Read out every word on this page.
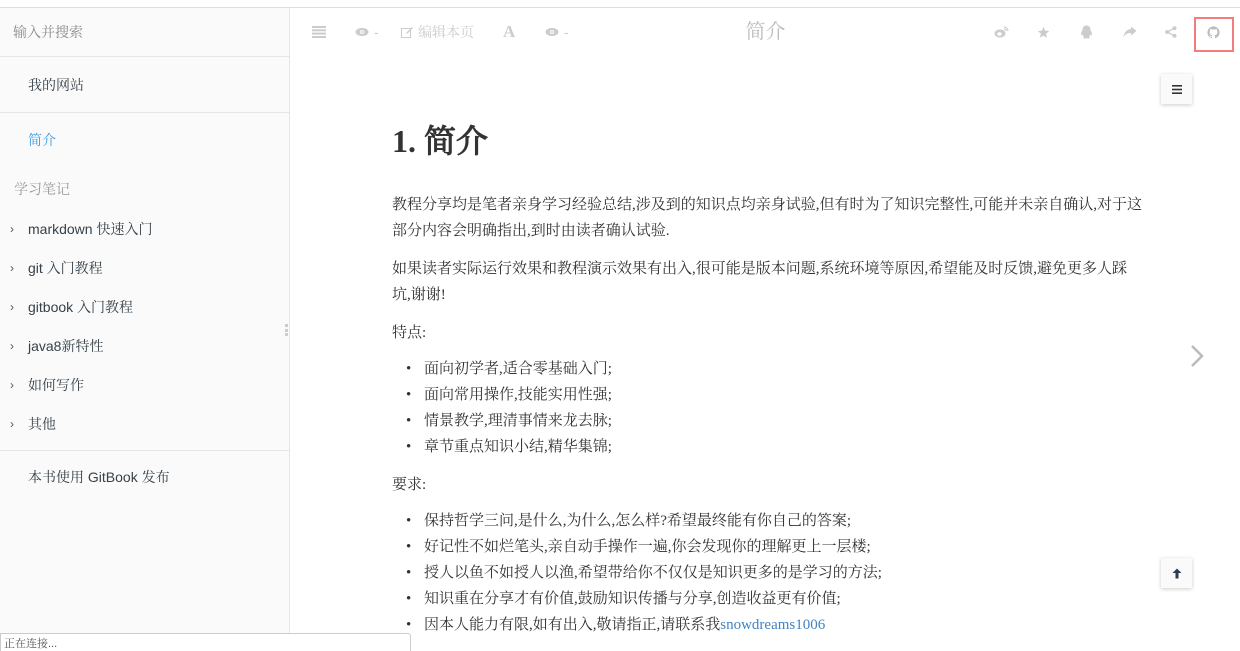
输入并搜索
我的网站
简介
学习笔记
›	markdown 快速入门
›	git 入门教程
›	gitbook 入门教程
›	java8新特性
›	如何写作
›	其他
本书使用 GitBook 发布
简介
-	编辑本页 A	-
1. 简介

教程分享均是笔者亲身学习经验总结,涉及到的知识点均亲身试验,但有时为了知识完整性,可能并未亲自确认,对于这部分内容会明确指出,到时由读者确认试验.

如果读者实际运行效果和教程演示效果有出入,很可能是版本问题,系统环境等原因,希望能及时反馈,避免更多人踩坑,谢谢!

特点:

• 面向初学者,适合零基础入门;
• 面向常用操作,技能实用性强;
• 情景教学,理清事情来龙去脉;
• 章节重点知识小结,精华集锦;

要求:

• 保持哲学三问,是什么,为什么,怎么样?希望最终能有你自己的答案;
• 好记性不如烂笔头,亲自动手操作一遍,你会发现你的理解更上一层楼;
• 授人以鱼不如授人以渔,希望带给你不仅仅是知识更多的是学习的方法;
• 知识重在分享才有价值,鼓励知识传播与分享,创造收益更有价值;
• 因本人能力有限,如有出入,敬请指正,请联系我snowdreams1006
正在连接...
